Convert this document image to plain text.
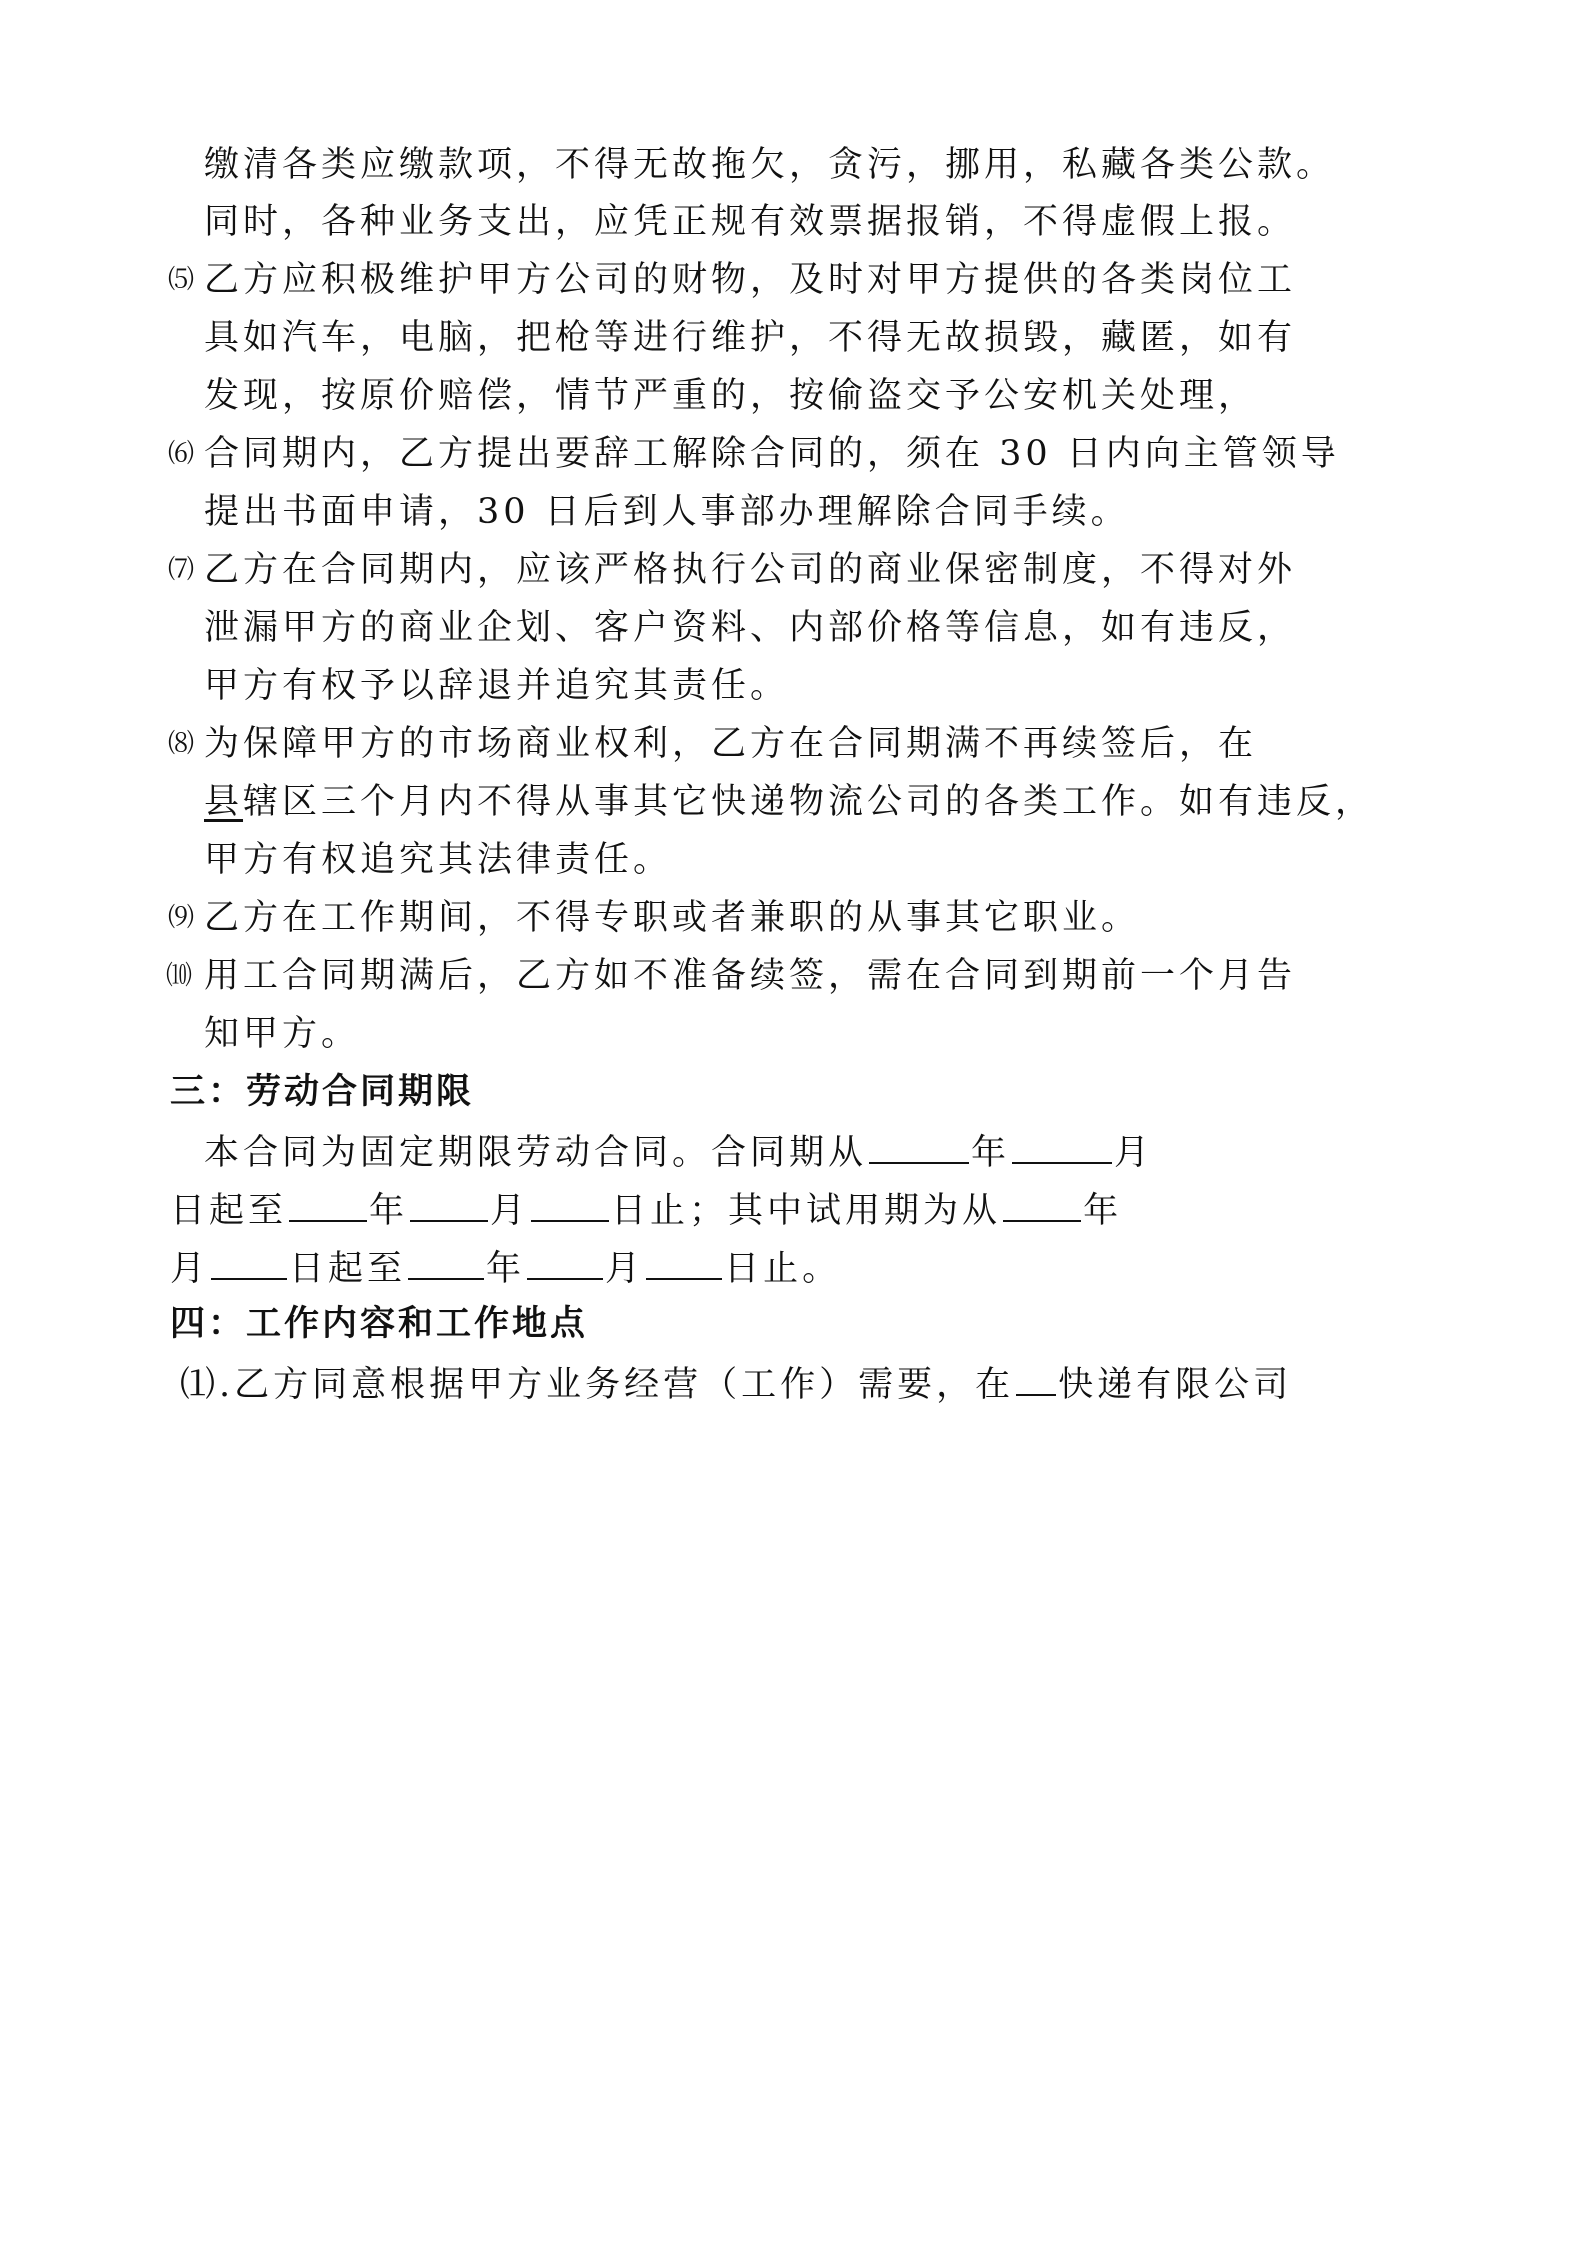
缴清各类应缴款项，不得无故拖欠，贪污，挪用，私藏各类公款。
同时，各种业务支出，应凭正规有效票据报销，不得虚假上报。
⑸ 乙方应积极维护甲方公司的财物，及时对甲方提供的各类岗位工
具如汽车，电脑，把枪等进行维护，不得无故损毁，藏匿，如有
发现，按原价赔偿，情节严重的，按偷盗交予公安机关处理，
⑹ 合同期内，乙方提出要辞工解除合同的，须在 30 日内向主管领导
提出书面申请，30 日后到人事部办理解除合同手续。
⑺ 乙方在合同期内，应该严格执行公司的商业保密制度，不得对外
泄漏甲方的商业企划、客户资料、内部价格等信息，如有违反，
甲方有权予以辞退并追究其责任。
⑻ 为保障甲方的市场商业权利，乙方在合同期满不再续签后，在
县辖区三个月内不得从事其它快递物流公司的各类工作。如有违反，
甲方有权追究其法律责任。
⑼ 乙方在工作期间，不得专职或者兼职的从事其它职业。
⑽ 用工合同期满后，乙方如不准备续签，需在合同到期前一个月告
知甲方。
三：劳动合同期限
本合同为固定期限劳动合同。合同期从	年	月
日起至 年 月 日止；其中试用期为从 年
月 日起至 年 月 日止。
四：工作内容和工作地点
⑴.乙方同意根据甲方业务经营（工作）需要，在 快递有限公司
